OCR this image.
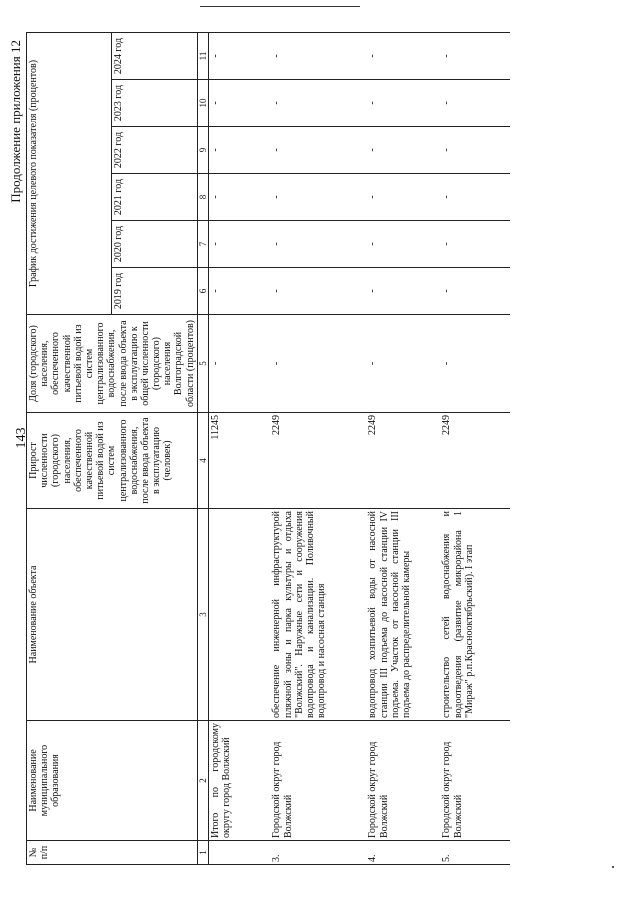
143
Продолжение приложения 12
№ п/п	Наименование муниципального образования	Наименование объекта	Прирост численности (городского) населения, обеспеченного качественной питьевой водой из систем централизованного водоснабжения, после ввода объекта в эксплуатацию (человек)	Доля (городского) населения, обеспеченного качественной питьевой водой из систем централизованного водоснабжения, после ввода объекта в эксплуатацию к общей численности (городского) населения Волгоградской области (процентов)	График достижения целевого показателя (процентов)					
					2019 год	2020 год	2021 год	2022 год	2023 год	2024 год
1	2	3	4	5	6	7	8	9	10	11
	Итого по городскому округу город Волжский		11245	-	-	-	-	-	-	-
3.	Городской округ город Волжский	обеспечение инженерной инфраструктурой пляжной зоны и парка культуры и отдыха "Волжский". Наружные сети и сооружения водопровода и канализации. Поливочный водопровод и насосная станция	2249	-	-	-	-	-	-	-
4.	Городской округ город Волжский	водопровод хозпитьевой воды от насосной станции III подъема до насосной станции IV подъема. Участок от насосной станции III подъема до распределительной камеры	2249	-	-	-	-	-	-	-
5.	Городской округ город Волжский	строительство сетей водоснабжения и водоотведения (развитие микрорайона 1 "Мираж" р.п.Краснооктябрьский). I этап	2249	-	-	-	-	-	-	-
